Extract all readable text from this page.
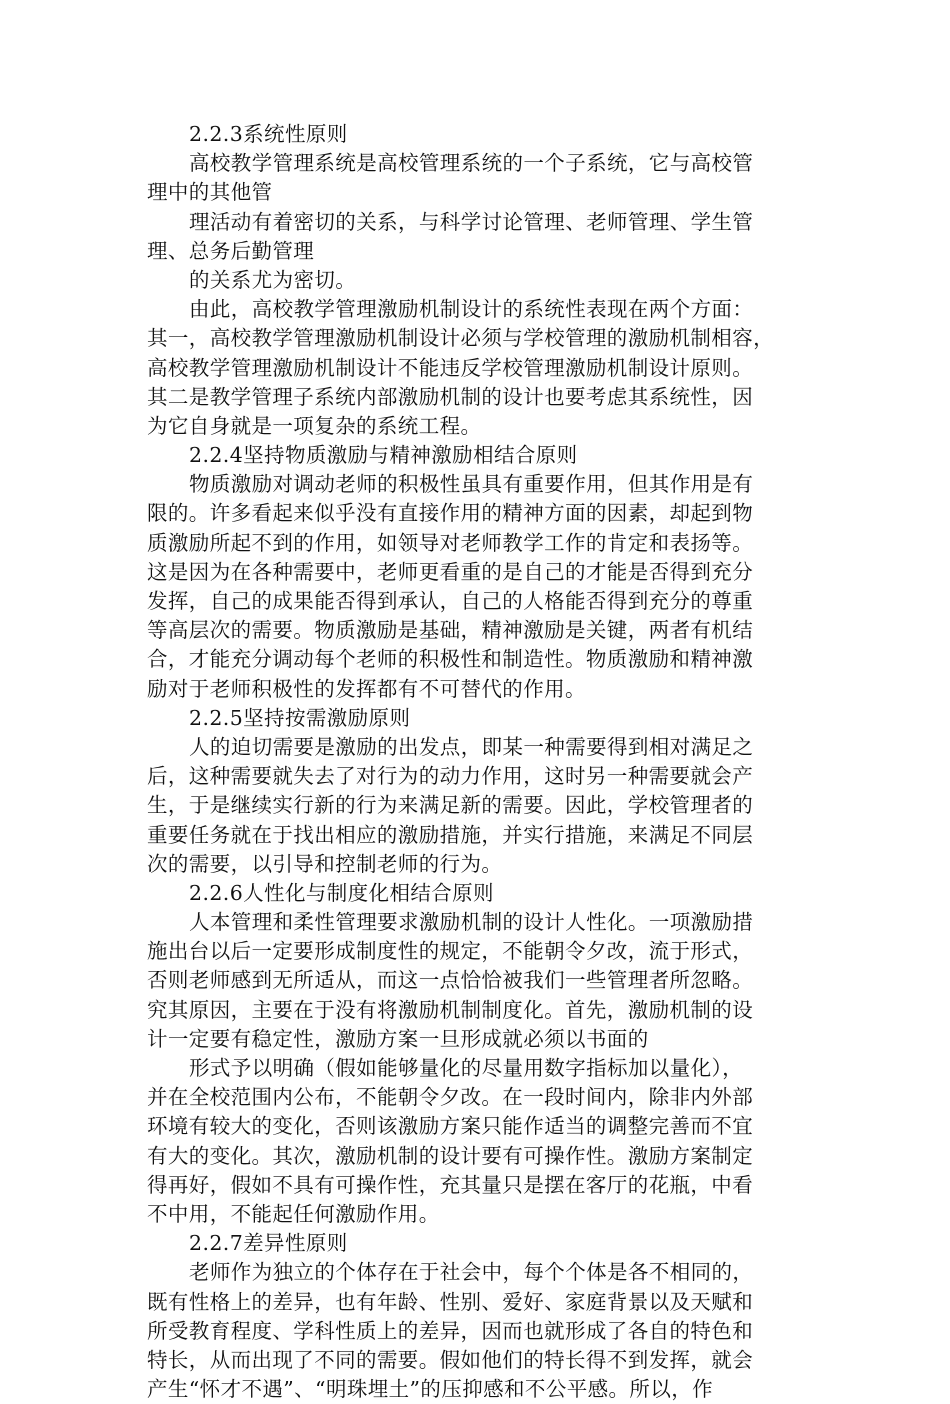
2.2.3系统性原则
高校教学管理系统是高校管理系统的一个子系统，它与高校管
理中的其他管
理活动有着密切的关系，与科学讨论管理、老师管理、学生管
理、总务后勤管理
的关系尤为密切。
由此，高校教学管理激励机制设计的系统性表现在两个方面：
其一，高校教学管理激励机制设计必须与学校管理的激励机制相容，
高校教学管理激励机制设计不能违反学校管理激励机制设计原则。
其二是教学管理子系统内部激励机制的设计也要考虑其系统性，因
为它自身就是一项复杂的系统工程。
2.2.4坚持物质激励与精神激励相结合原则
物质激励对调动老师的积极性虽具有重要作用，但其作用是有
限的。许多看起来似乎没有直接作用的精神方面的因素，却起到物
质激励所起不到的作用，如领导对老师教学工作的肯定和表扬等。
这是因为在各种需要中，老师更看重的是自己的才能是否得到充分
发挥，自己的成果能否得到承认，自己的人格能否得到充分的尊重
等高层次的需要。物质激励是基础，精神激励是关键，两者有机结
合，才能充分调动每个老师的积极性和制造性。物质激励和精神激
励对于老师积极性的发挥都有不可替代的作用。
2.2.5坚持按需激励原则
人的迫切需要是激励的出发点，即某一种需要得到相对满足之
后，这种需要就失去了对行为的动力作用，这时另一种需要就会产
生，于是继续实行新的行为来满足新的需要。因此，学校管理者的
重要任务就在于找出相应的激励措施，并实行措施，来满足不同层
次的需要，以引导和控制老师的行为。
2.2.6人性化与制度化相结合原则
人本管理和柔性管理要求激励机制的设计人性化。一项激励措
施出台以后一定要形成制度性的规定，不能朝令夕改，流于形式，
否则老师感到无所适从，而这一点恰恰被我们一些管理者所忽略。
究其原因，主要在于没有将激励机制制度化。首先，激励机制的设
计一定要有稳定性，激励方案一旦形成就必须以书面的
形式予以明确（假如能够量化的尽量用数字指标加以量化），
并在全校范围内公布，不能朝令夕改。在一段时间内，除非内外部
环境有较大的变化，否则该激励方案只能作适当的调整完善而不宜
有大的变化。其次，激励机制的设计要有可操作性。激励方案制定
得再好，假如不具有可操作性，充其量只是摆在客厅的花瓶，中看
不中用，不能起任何激励作用。
2.2.7差异性原则
老师作为独立的个体存在于社会中，每个个体是各不相同的，
既有性格上的差异，也有年龄、性别、爱好、家庭背景以及天赋和
所受教育程度、学科性质上的差异，因而也就形成了各自的特色和
特长，从而出现了不同的需要。假如他们的特长得不到发挥，就会
产生“怀才不遇”、“明珠埋土”的压抑感和不公平感。所以，作
